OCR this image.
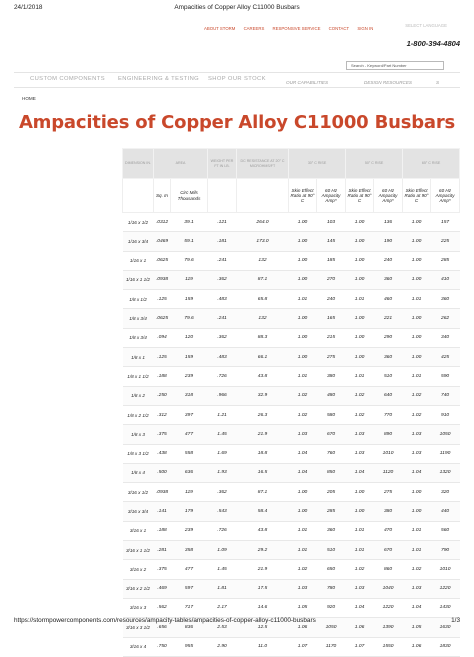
24/1/2018	Ampacities of Copper Alloy C11000 Busbars
ABOUT STORM CAREERS RESPONSIVE SERVICE CONTACT SIGN IN
SELECT LANGUAGE
1-800-394-4804
Search - Keyword/Part Number
CUSTOM COMPONENTS ENGINEERING & TESTING SHOP OUR STOCK
OUR CAPABILITIES	DESIGN RESOURCES	S
HOME
Ampacities of Copper Alloy C11000 Busbars
DIMENSION IN.	AREA		WEIGHT PER FT IN LB.	DC RESISTANCE AT 20° C MICROHMS/FT	30° C RISE		50° C RISE		65° C RISE	
	Sq. In	Circ Mils Thousands			Skin Effect Ratio at 90° C	60 Hz Ampacity Amp*	Skin Effect Ratio at 90° C	60 Hz Ampacity Amp*	Skin Effect Ratio at 90° C	60 Hz Ampacity Amp*
1/16 x 1/2	.0312	39.1	.121	264.0	1.00	103	1.00	136	1.00	157
1/16 x 3/4	.0469	59.1	.181	173.0	1.00	145	1.00	190	1.00	225
1/16 x 1	.0625	79.6	.241	132	1.00	185	1.00	240	1.00	285
1/16 x 1 1/2	.0938	119	.362	87.1	1.00	270	1.00	360	1.00	410
1/8 x 1/2	.125	159	.483	65.8	1.01	240	1.01	460	1.01	360
1/8 x 3/4	.0625	79.6	.241	132	1.00	165	1.00	221	1.00	262
1/8 x 3/4	.094	120	.362	88.3	1.00	215	1.00	290	1.00	340
1/8 x 1	.125	159	.483	66.1	1.00	275	1.00	360	1.00	425
1/8 x 1 1/2	.188	239	.726	43.8	1.01	380	1.01	510	1.01	590
1/8 x 2	.250	318	.966	32.9	1.02	480	1.02	640	1.02	740
1/8 x 2 1/2	.312	397	1.21	26.3	1.02	580	1.02	770	1.02	910
1/8 x 3	.375	477	1.45	21.9	1.03	670	1.03	890	1.03	1050
1/8 x 3 1/2	.438	558	1.69	18.8	1.04	760	1.03	1010	1.03	1190
1/8 x 4	.500	636	1.93	16.5	1.04	850	1.04	1120	1.04	1320
3/16 x 1/2	.0938	119	.362	87.1	1.00	205	1.00	275	1.00	320
3/16 x 3/4	.141	179	.543	58.4	1.00	285	1.00	380	1.00	440
3/16 x 1	.188	239	.726	43.8	1.01	360	1.01	470	1.01	560
3/16 x 1 1/2	.281	358	1.09	29.2	1.01	510	1.01	670	1.01	790
3/16 x 2	.375	477	1.45	21.9	1.02	650	1.02	860	1.02	1010
3/16 x 2 1/2	.469	597	1.81	17.5	1.03	780	1.03	1040	1.03	1220
3/16 x 3	.562	717	2.17	14.6	1.05	920	1.04	1220	1.04	1430
3/16 x 3 1/2	.656	836	2.53	12.5	1.06	1050	1.06	1390	1.05	1630
3/16 x 4	.750	955	2.90	11.0	1.07	1170	1.07	1550	1.06	1830
https://stormpowercomponents.com/resources/ampacity-tables/ampacities-of-copper-alloy-c11000-busbars	1/3
